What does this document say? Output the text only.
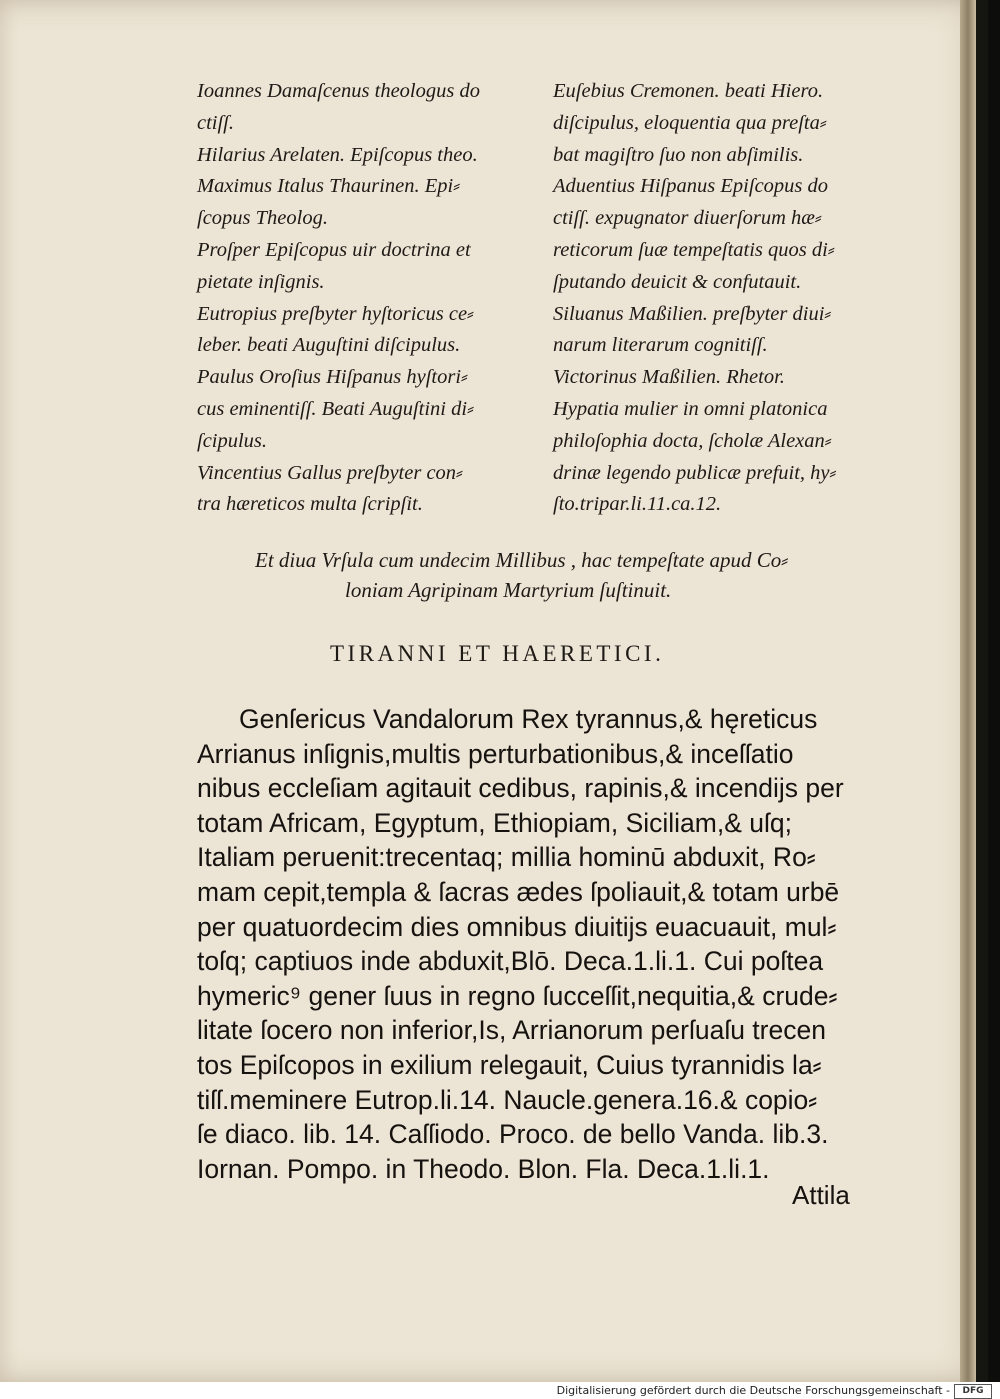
Ioannes Damaſcenus theologus do
ctiſſ.
Hilarius Arelaten. Epiſcopus theo.
Maximus Italus Thaurinen. Epi⸗
ſcopus Theolog.
Proſper Epiſcopus uir doctrina et
pietate inſignis.
Eutropius preſbyter hyſtoricus ce⸗
leber. beati Auguſtini diſcipulus.
Paulus Oroſius Hiſpanus hyſtori⸗
cus eminentiſſ. Beati Auguſtini di⸗
ſcipulus.
Vincentius Gallus preſbyter con⸗
tra hæreticos multa ſcripſit.
Euſebius Cremonen. beati Hiero.
diſcipulus, eloquentia qua preſta⸗
bat magiſtro ſuo non abſimilis.
Aduentius Hiſpanus Epiſcopus do
ctiſſ. expugnator diuerſorum hæ⸗
reticorum ſuæ tempeſtatis quos di⸗
ſputando deuicit & confutauit.
Siluanus Maßilien. preſbyter diui⸗
narum literarum cognitiſſ.
Victorinus Maßilien. Rhetor.
Hypatia mulier in omni platonica
philoſophia docta, ſcholæ Alexan⸗
drinæ legendo publicæ prefuit, hy⸗
ſto.tripar.li.11.ca.12.
Et diua Vrſula cum undecim Millibus , hac tempeſtate apud Co⸗
loniam Agripinam Martyrium ſuſtinuit.
TIRANNI ET HAERETICI.
Genſericus Vandalorum Rex tyrannus,& hęreticus
Arrianus inſignis,multis perturbationibus,& inceſſatio
nibus eccleſiam agitauit cedibus, rapinis,& incendijs per
totam Africam, Egyptum, Ethiopiam, Siciliam,& uſq;
Italiam peruenit:trecentaq; millia hominū abduxit, Ro⸗
mam cepit,templa & ſacras ædes ſpoliauit,& totam urbē
per quatuordecim dies omnibus diuitijs euacuauit, mul⸗
toſq; captiuos inde abduxit,Blō. Deca.1.li.1. Cui poſtea
hymeric⁹ gener ſuus in regno ſucceſſit,nequitia,& crude⸗
litate ſocero non inferior,Is, Arrianorum perſuaſu trecen
tos Epiſcopos in exilium relegauit, Cuius tyrannidis la⸗
tiſſ.meminere Eutrop.li.14. Naucle.genera.16.& copio⸗
ſe diaco. lib. 14. Caſſiodo. Proco. de bello Vanda. lib.3.
Iornan. Pompo. in Theodo. Blon. Fla. Deca.1.li.1.
Attila
Digitalisierung gefördert durch die Deutsche Forschungsgemeinschaft -	DFG
